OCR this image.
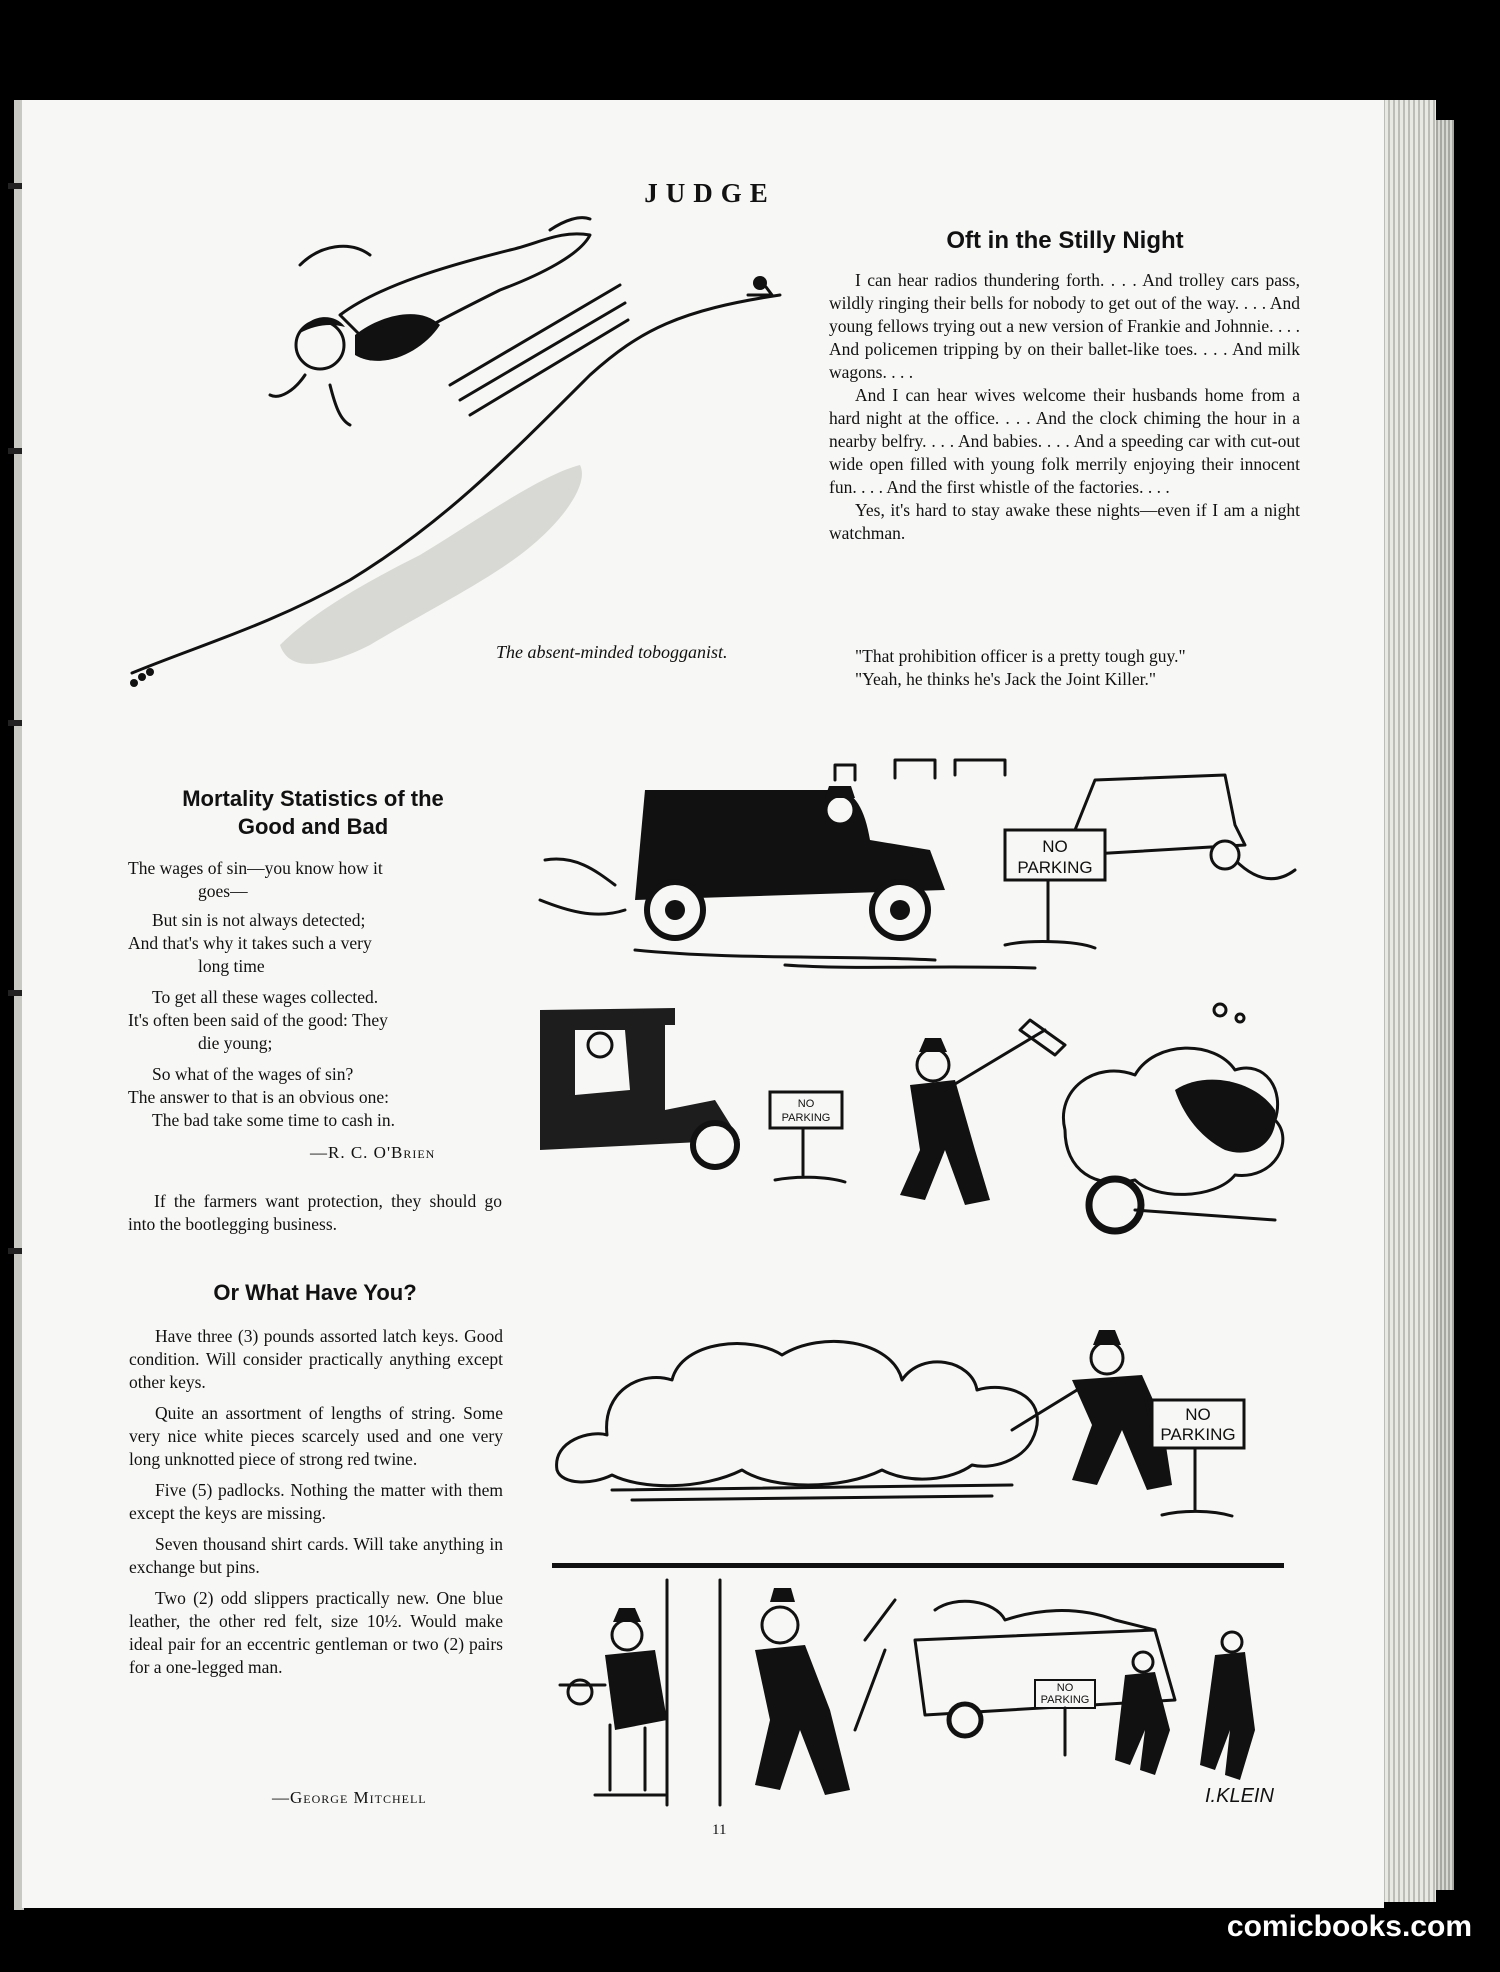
JUDGE
The absent-minded tobogganist.
Oft in the Stilly Night

I can hear radios thundering forth. . . . And trolley cars pass, wildly ringing their bells for nobody to get out of the way. . . . And young fellows trying out a new version of Frankie and Johnnie. . . . And policemen tripping by on their ballet-like toes. . . . And milk wagons. . . .

And I can hear wives welcome their husbands home from a hard night at the office. . . . And the clock chiming the hour in a nearby belfry. . . . And babies. . . . And a speeding car with cut-out wide open filled with young folk merrily enjoying their innocent fun. . . . And the first whistle of the factories. . . .

Yes, it's hard to stay awake these nights—even if I am a night watchman.

"That prohibition officer is a pretty tough guy."

"Yeah, he thinks he's Jack the Joint Killer."

Mortality Statistics of the
Good and Bad
The wages of sin—you know how it
goes—
But sin is not always detected;
And that's why it takes such a very
long time
To get all these wages collected.
It's often been said of the good: They
die young;
So what of the wages of sin?
The answer to that is an obvious one:
The bad take some time to cash in.
—R. C. O'Brien

If the farmers want protection, they should go into the bootlegging business.

Or What Have You?

Have three (3) pounds assorted latch keys. Good condition. Will consider practically anything except other keys.

Quite an assortment of lengths of string. Some very nice white pieces scarcely used and one very long unknotted piece of strong red twine.

Five (5) padlocks. Nothing the matter with them except the keys are missing.

Seven thousand shirt cards. Will take anything in exchange but pins.

Two (2) odd slippers practically new. One blue leather, the other red felt, size 10½. Would make ideal pair for an eccentric gentleman or two (2) pairs for a one-legged man.

—George Mitchell
NO
PARKING
NO
PARKING
NO
PARKING
NO
PARKING
I.KLEIN
11
comicbooks.com
